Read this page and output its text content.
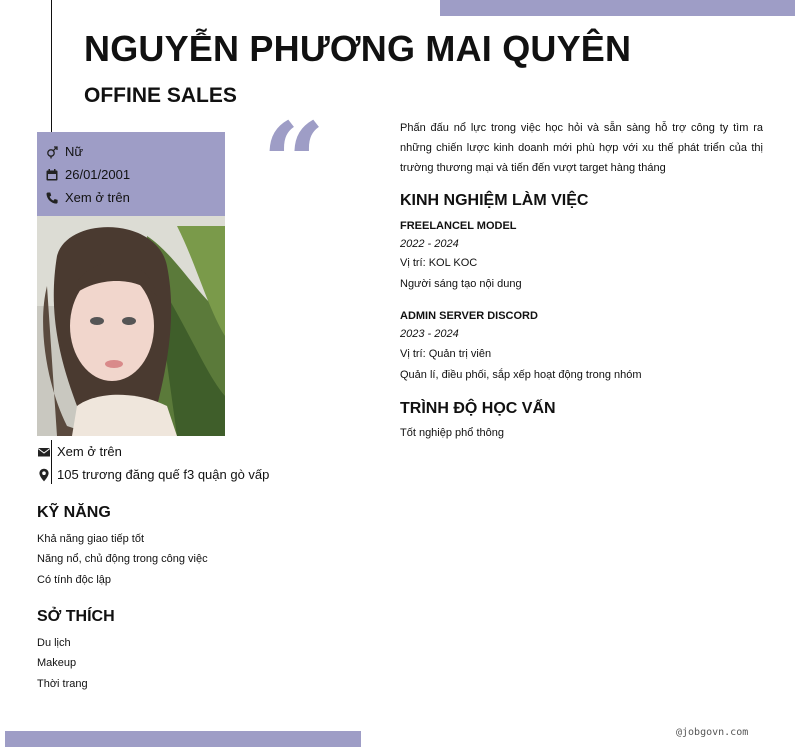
NGUYỄN PHƯƠNG MAI QUYÊN
OFFINE SALES
Nữ
26/01/2001
Xem ở trên
Xem ở trên
105 trương đăng quế f3 quận gò vấp
KỸ NĂNG
Khả năng giao tiếp tốt
Năng nổ, chủ động trong công việc
Có tính độc lập
SỞ THÍCH
Du lịch
Makeup
Thời trang
“	Phấn đấu nổ lực trong việc học hỏi và sẵn sàng hỗ trợ công ty tìm ra những chiến lược kinh doanh mới phù hợp với xu thế phát triển của thị trường thương mại và tiến đến vượt target hàng tháng
KINH NGHIỆM LÀM VIỆC
FREELANCEL MODEL
2022 - 2024
Vị trí: KOL KOC
Người sáng tạo nội dung
ADMIN SERVER DISCORD
2023 - 2024
Vị trí: Quản trị viên
Quản lí, điều phối, sắp xếp hoạt động trong nhóm
TRÌNH ĐỘ HỌC VẤN
Tốt nghiệp phổ thông
@jobgovn.com
